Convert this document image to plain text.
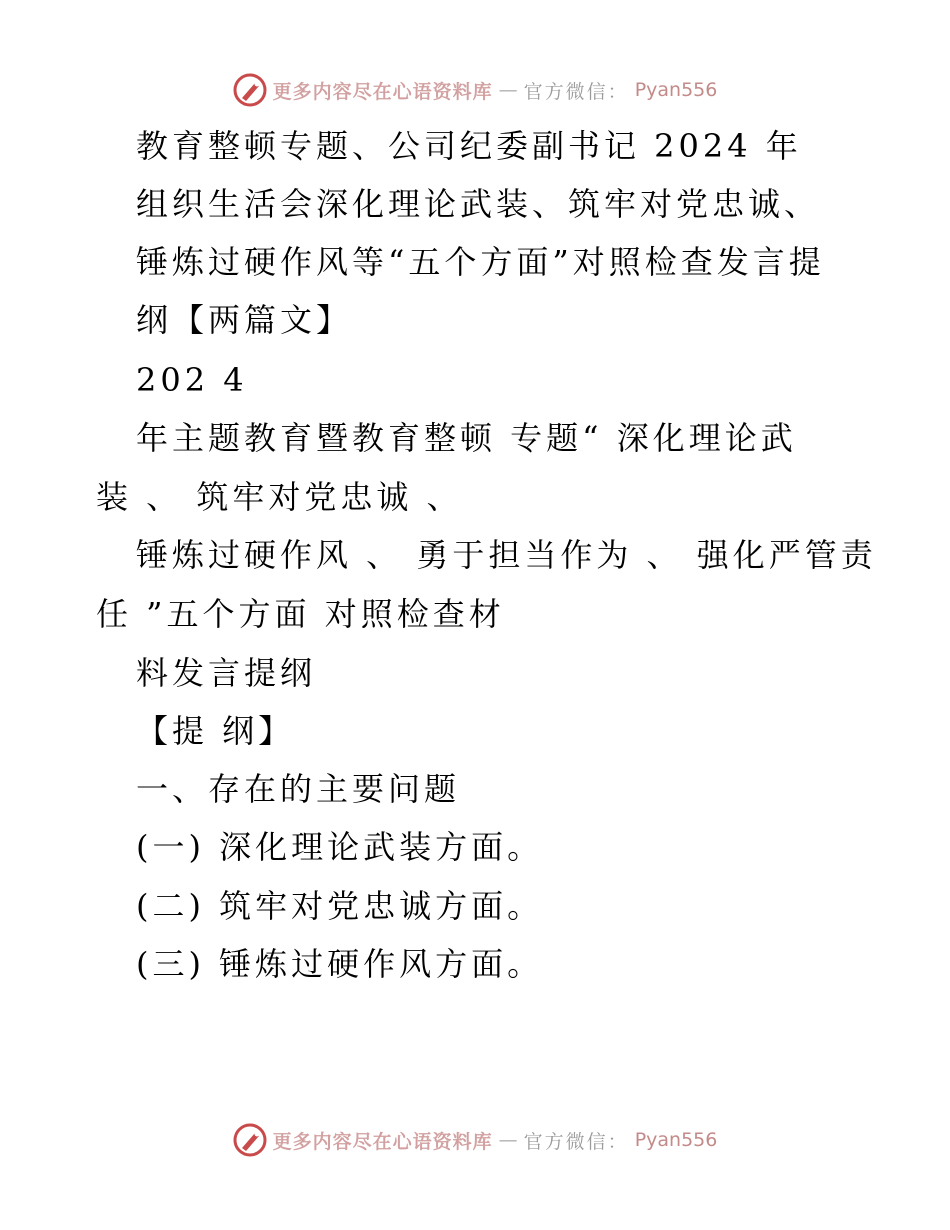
更多内容尽在心语资料库 — 官方微信： Pyan556
教育整顿专题、公司纪委副书记 2024 年
组织生活会深化理论武装、筑牢对党忠诚、
锤炼过硬作风等“五个方面”对照检查发言提
纲【两篇文】
202 4
年主题教育暨教育整顿 专题“ 深化理论武
装 、 筑牢对党忠诚 、
锤炼过硬作风 、 勇于担当作为 、 强化严管责
任 ”五个方面 对照检查材
料发言提纲
【提 纲】
一、存在的主要问题
(一) 深化理论武装方面。
(二) 筑牢对党忠诚方面。
(三) 锤炼过硬作风方面。
更多内容尽在心语资料库 — 官方微信： Pyan556
